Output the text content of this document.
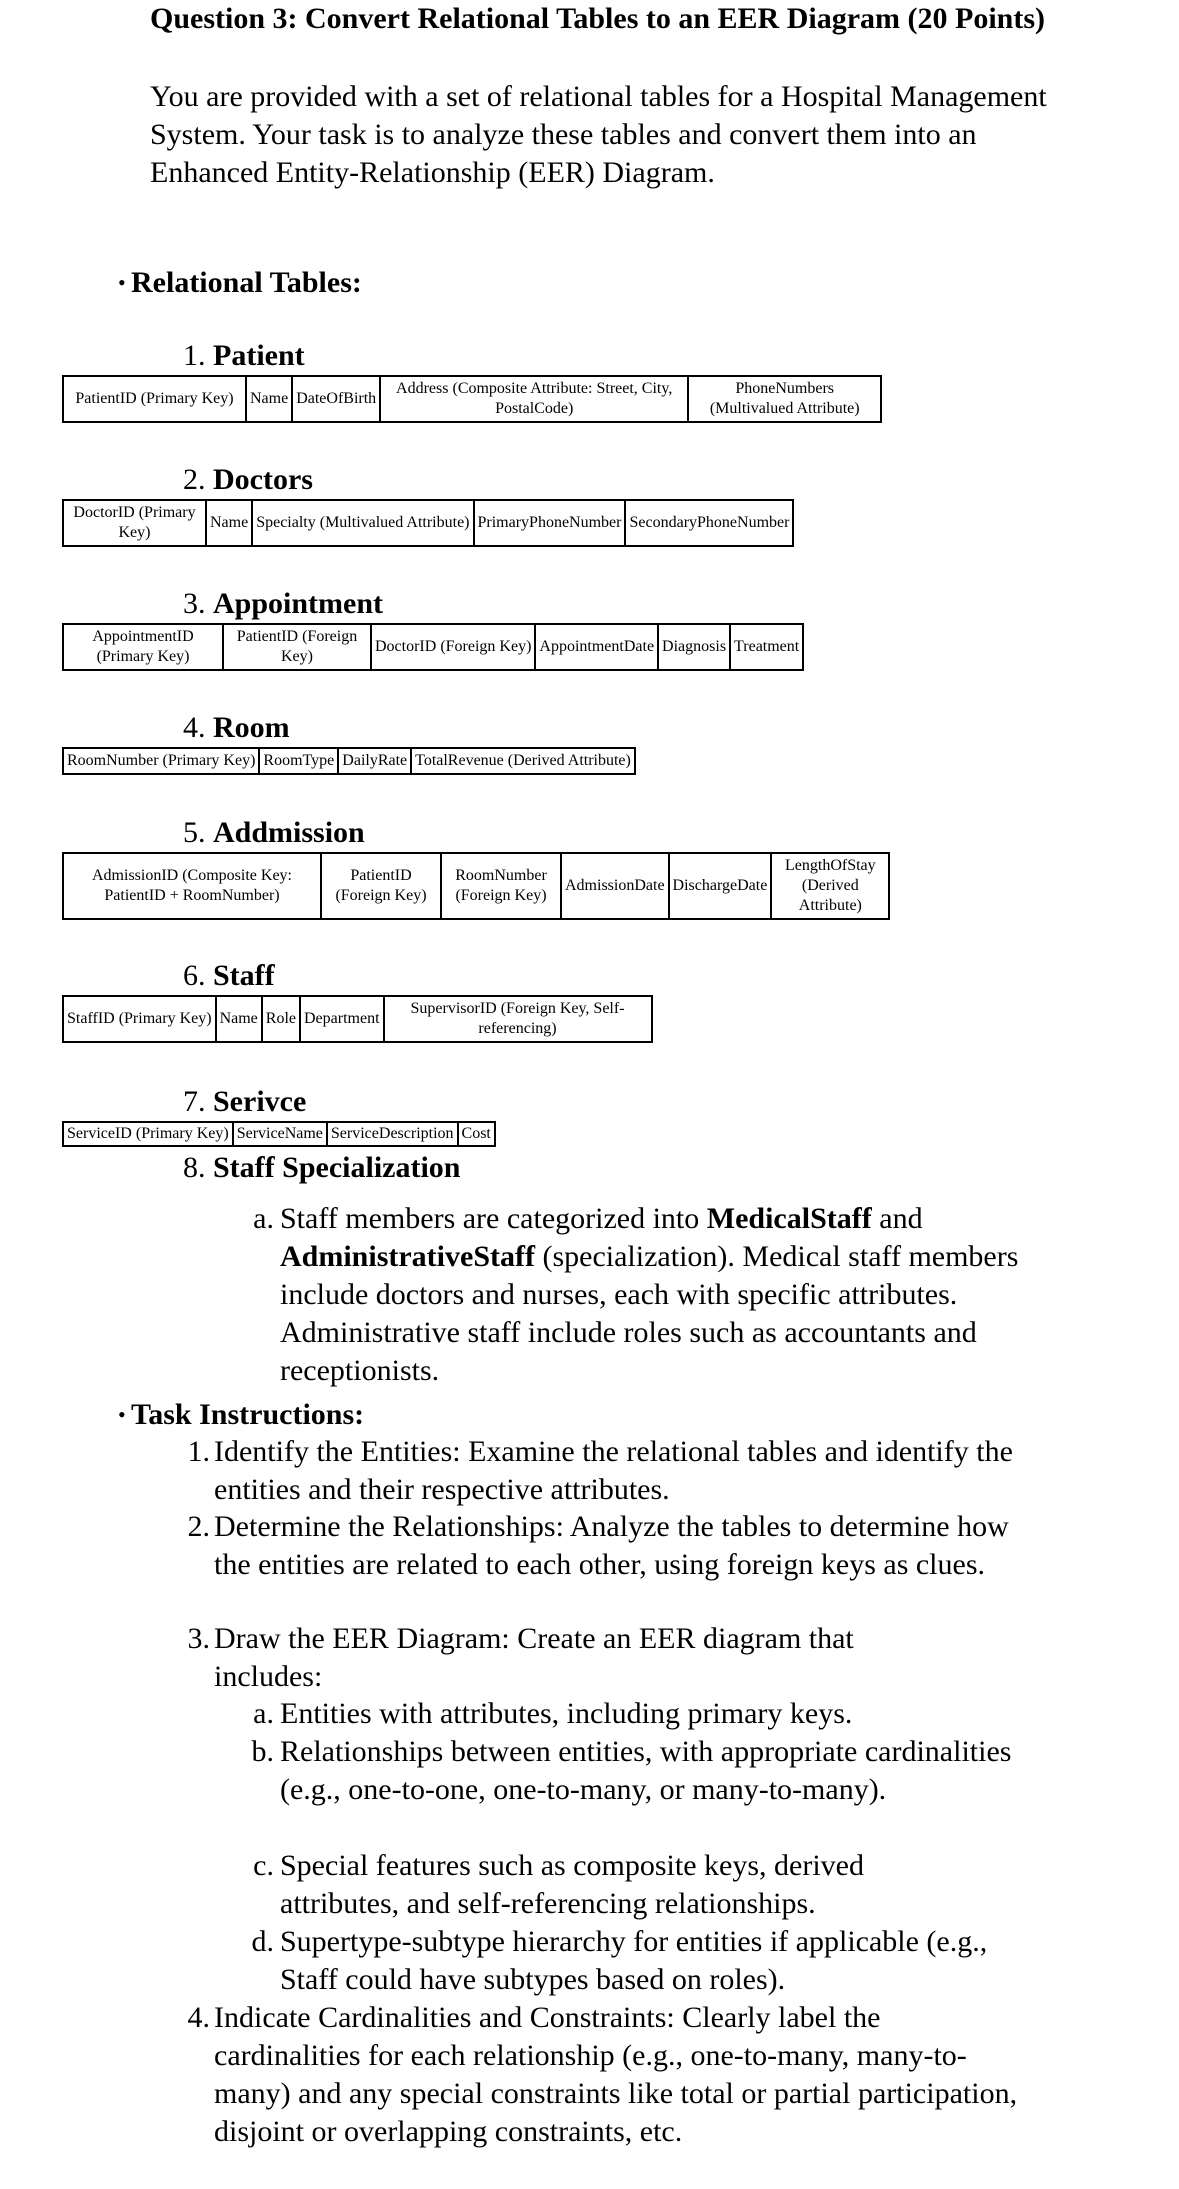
Question 3: Convert Relational Tables to an EER Diagram (20 Points)

You are provided with a set of relational tables for a Hospital Management System. Your task is to analyze these tables and convert them into an Enhanced Entity-Relationship (EER) Diagram.

• Relational Tables:
1. Patient
PatientID (Primary Key)	Name	DateOfBirth	Address (Composite Attribute: Street, City, PostalCode)	PhoneNumbers (Multivalued Attribute)
2. Doctors
DoctorID (Primary Key)	Name	Specialty (Multivalued Attribute)	PrimaryPhoneNumber	SecondaryPhoneNumber
3. Appointment
AppointmentID (Primary Key)	PatientID (Foreign Key)	DoctorID (Foreign Key)	AppointmentDate	Diagnosis	Treatment
4. Room
RoomNumber (Primary Key)	RoomType	DailyRate	TotalRevenue (Derived Attribute)
5. Addmission
AdmissionID (Composite Key: PatientID + RoomNumber)	PatientID (Foreign Key)	RoomNumber (Foreign Key)	AdmissionDate	DischargeDate	LengthOfStay (Derived Attribute)
6. Staff
StaffID (Primary Key)	Name	Role	Department	SupervisorID (Foreign Key, Self-referencing)
7. Serivce
ServiceID (Primary Key)	ServiceName	ServiceDescription	Cost
8. Staff Specialization
a. Staff members are categorized into MedicalStaff and AdministrativeStaff (specialization). Medical staff members include doctors and nurses, each with specific attributes. Administrative staff include roles such as accountants and receptionists.
• Task Instructions:
1. Identify the Entities: Examine the relational tables and identify the entities and their respective attributes.
2. Determine the Relationships: Analyze the tables to determine how the entities are related to each other, using foreign keys as clues.
3. Draw the EER Diagram: Create an EER diagram that includes:
a. Entities with attributes, including primary keys.
b. Relationships between entities, with appropriate cardinalities (e.g., one-to-one, one-to-many, or many-to-many).
c. Special features such as composite keys, derived attributes, and self-referencing relationships.
d. Supertype-subtype hierarchy for entities if applicable (e.g., Staff could have subtypes based on roles).
4. Indicate Cardinalities and Constraints: Clearly label the cardinalities for each relationship (e.g., one-to-many, many-to-many) and any special constraints like total or partial participation, disjoint or overlapping constraints, etc.
